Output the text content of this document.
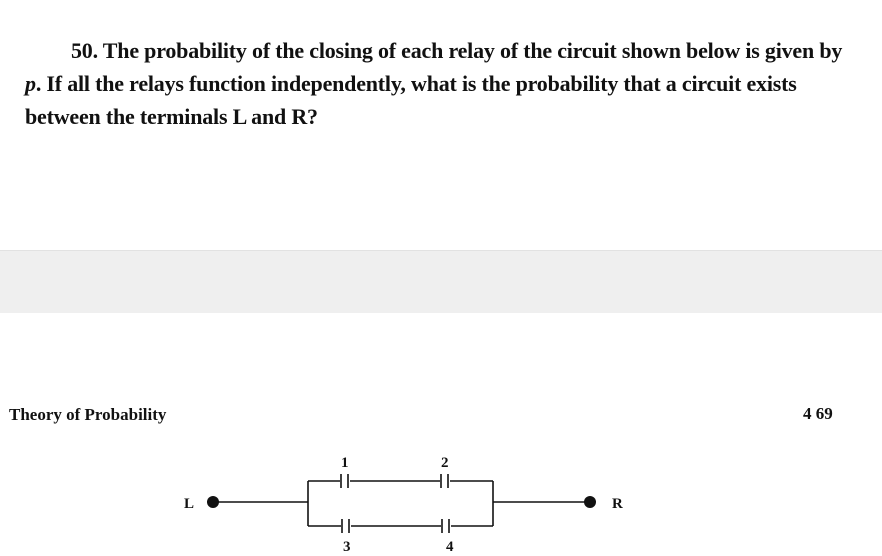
50. The probability of the closing of each relay of the circuit shown below is given by p. If all the relays function independently, what is the probability that a circuit exists between the terminals L and R?

Theory of Probability	4 69
L	R
1	2
3	4
